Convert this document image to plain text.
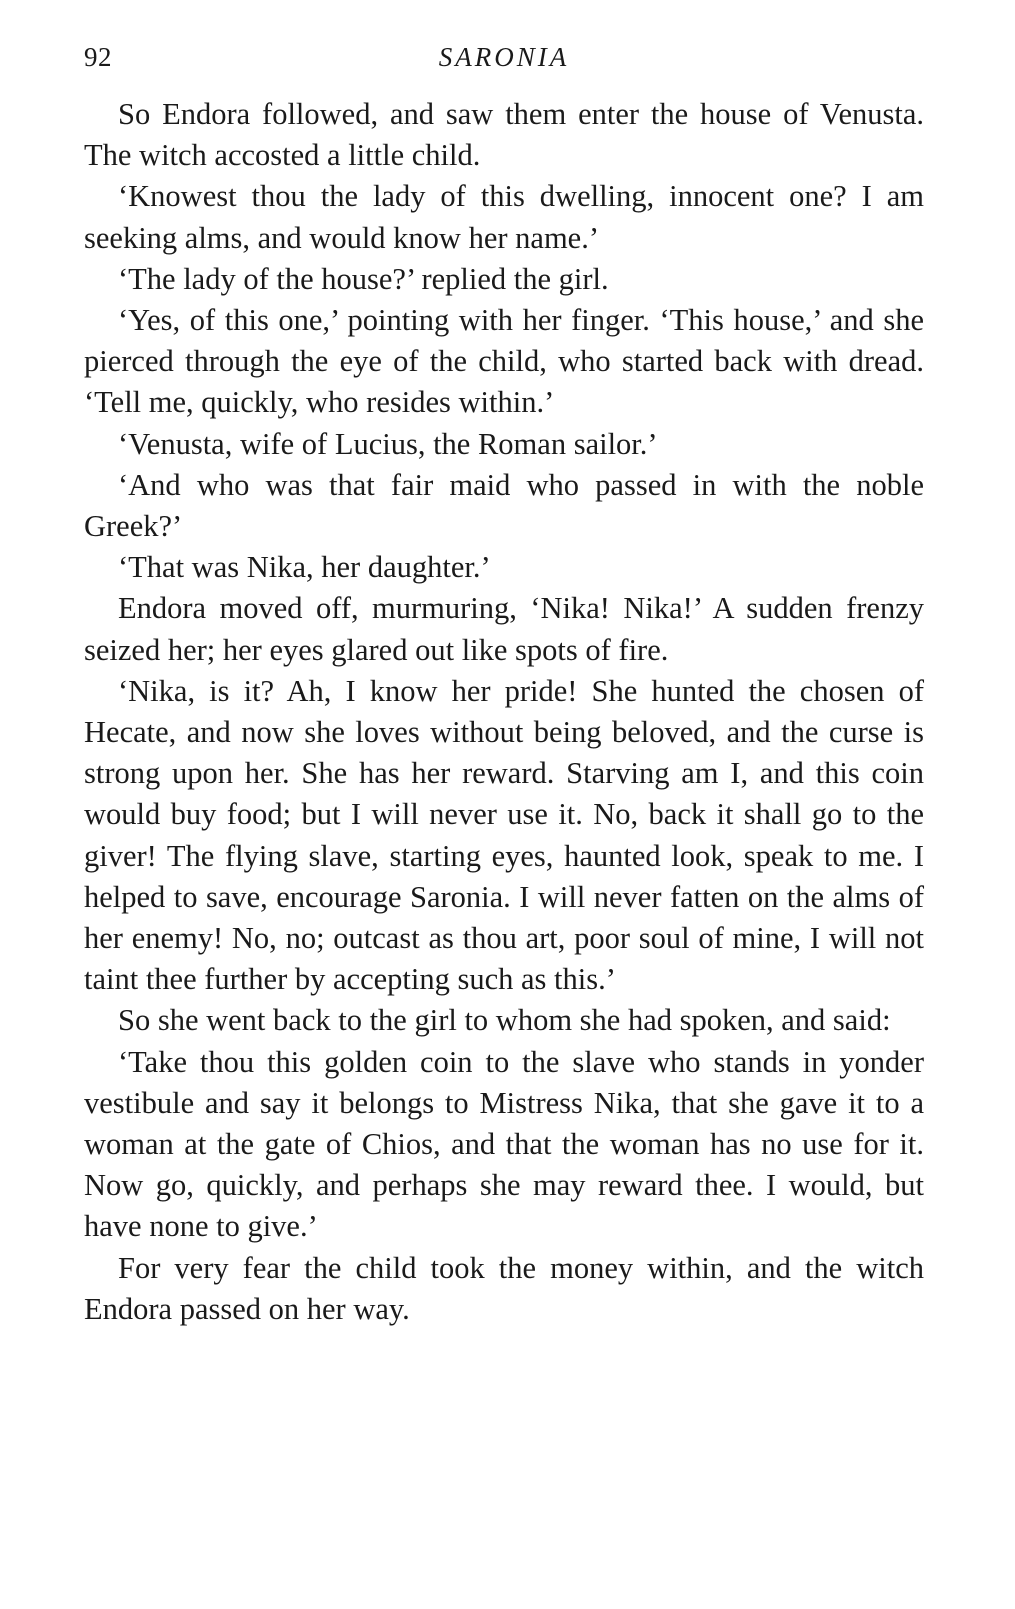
92	SARONIA

So Endora followed, and saw them enter the house of Venusta. The witch accosted a little child.

‘Knowest thou the lady of this dwelling, innocent one? I am seeking alms, and would know her name.’

‘The lady of the house?’ replied the girl.

‘Yes, of this one,’ pointing with her finger. ‘This house,’ and she pierced through the eye of the child, who started back with dread. ‘Tell me, quickly, who resides within.’

‘Venusta, wife of Lucius, the Roman sailor.’

‘And who was that fair maid who passed in with the noble Greek?’

‘That was Nika, her daughter.’

Endora moved off, murmuring, ‘Nika! Nika!’ A sudden frenzy seized her; her eyes glared out like spots of fire.

‘Nika, is it? Ah, I know her pride! She hunted the chosen of Hecate, and now she loves without being beloved, and the curse is strong upon her. She has her reward. Starving am I, and this coin would buy food; but I will never use it. No, back it shall go to the giver! The flying slave, starting eyes, haunted look, speak to me. I helped to save, encourage Saronia. I will never fatten on the alms of her enemy! No, no; outcast as thou art, poor soul of mine, I will not taint thee further by accepting such as this.’

So she went back to the girl to whom she had spoken, and said:

‘Take thou this golden coin to the slave who stands in yonder vestibule and say it belongs to Mistress Nika, that she gave it to a woman at the gate of Chios, and that the woman has no use for it. Now go, quickly, and perhaps she may reward thee. I would, but have none to give.’

For very fear the child took the money within, and the witch Endora passed on her way.
